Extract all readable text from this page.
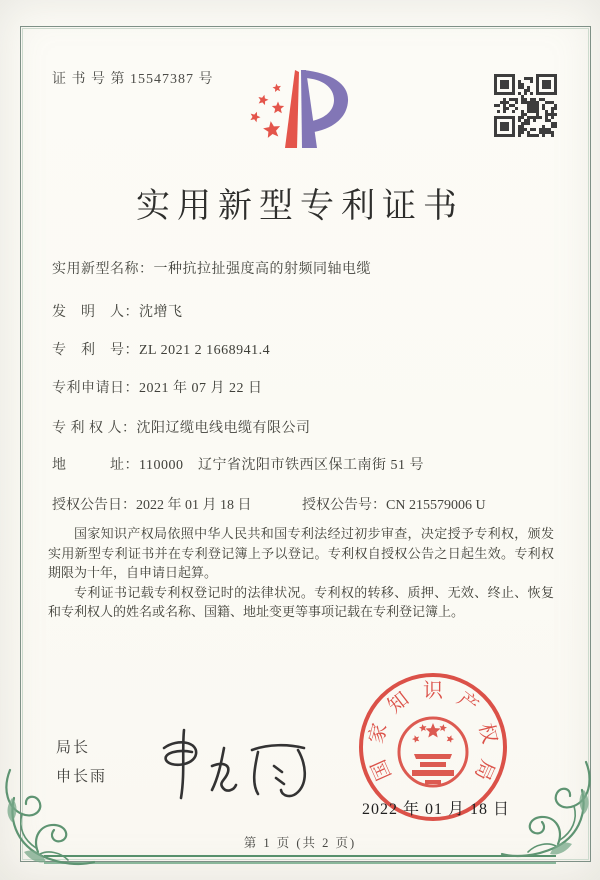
证 书 号 第 15547387 号
实用新型专利证书
实用新型名称：一种抗拉扯强度高的射频同轴电缆
发　明　人：沈增飞
专　利　号：ZL 2021 2 1668941.4
专利申请日：2021 年 07 月 22 日
专 利 权 人：沈阳辽缆电线电缆有限公司
地　　　址：110000　辽宁省沈阳市铁西区保工南街 51 号
授权公告日：2022 年 01 月 18 日	授权公告号：CN 215579006 U

国家知识产权局依照中华人民共和国专利法经过初步审查，决定授予专利权，颁发实用新型专利证书并在专利登记簿上予以登记。专利权自授权公告之日起生效。专利权期限为十年，自申请日起算。

专利证书记载专利权登记时的法律状况。专利权的转移、质押、无效、终止、恢复和专利权人的姓名或名称、国籍、地址变更等事项记载在专利登记簿上。

局长
申长雨	国
家
知 识 产
权
局
2022 年 01 月 18 日
第 1 页 (共 2 页)
